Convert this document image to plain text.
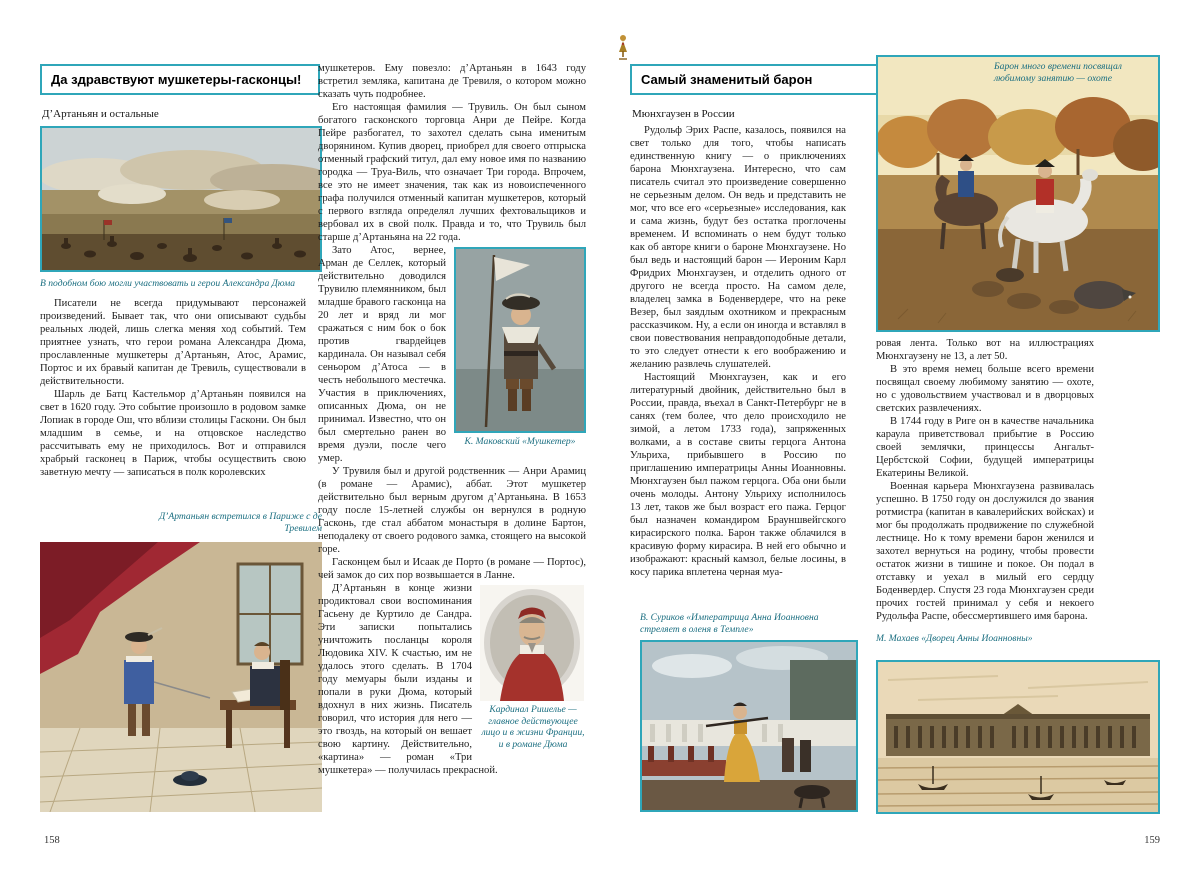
Да здравствуют мушкетеры-гасконцы!
Д’Артаньян и остальные
В подобном бою могли участвовать и герои Александра Дюма

Писатели не всегда придумывают персонажей произведений. Бывает так, что они описывают судьбы реальных людей, лишь слегка меняя ход событий. Тем приятнее узнать, что герои романа Александра Дюма, прославленные мушкетеры д’Артаньян, Атос, Арамис, Портос и их бравый капитан де Тревиль, существовали в действительности.

Шарль де Батц Кастельмор д’Артаньян появился на свет в 1620 году. Это событие произошло в родовом замке Лопиак в городе Ош, что вблизи столицы Гаскони. Он был младшим в семье, и на отцовское наследство рассчитывать ему не приходилось. Вот и отправился храбрый гасконец в Париж, чтобы осуществить свою заветную мечту — записаться в полк королевских

Д’Артаньян встретился в Париже с де Тревилем

мушкетеров. Ему повезло: д’Артаньян в 1643 году встретил земляка, капитана де Тревиля, о котором можно сказать чуть подробнее.

Его настоящая фамилия — Трувиль. Он был сыном богатого гасконского торговца Анри де Пейре. Когда Пейре разбогател, то захотел сделать сына именитым дворянином. Купив дворец, приобрел для своего отпрыска отменный графский титул, дал ему новое имя по названию городка — Труа-Виль, что означает Три города. Впрочем, все это не имеет значения, так как из новоиспеченного графа получился отменный капитан мушкетеров, который с первого взгляда определял лучших фехтовальщиков и вербовал их в свой полк. Правда и то, что Трувиль был старше д’Артаньяна на 22 года.

К. Маковский «Мушкетер»

Зато Атос, вернее, Арман де Селлек, который действительно доводился Трувилю племянником, был младше бравого гасконца на 20 лет и вряд ли мог сражаться с ним бок о бок против гвардейцев кардинала. Он называл себя сеньором д’Атоса — в честь небольшого местечка. Участия в приключениях, описанных Дюма, он не принимал. Известно, что он был смертельно ранен во время дуэли, после чего умер.

У Трувиля был и другой родственник — Анри Арамиц (в романе — Арамис), аббат. Этот мушкетер действительно был верным другом д’Артаньяна. В 1653 году после 15-летней службы он вернулся в родную Гасконь, где стал аббатом монастыря в долине Бартон, неподалеку от своего родового замка, стоящего на высокой горе.

Гасконцем был и Исаак де Порто (в романе — Портос), чей замок до сих пор возвышается в Ланне.

Кардинал Ришелье — главное действующее лицо и в жизни Франции, и в романе Дюма

Д’Артаньян в конце жизни продиктовал свои воспоминания Гасьену де Куртило де Сандра. Эти записки попытались уничтожить посланцы короля Людовика XIV. К счастью, им не удалось этого сделать. В 1704 году мемуары были изданы и попали в руки Дюма, который вдохнул в них жизнь. Писатель говорил, что история для него — это гвоздь, на который он вешает свою картину. Действительно, «картина» — роман «Три мушкетера» — получилась прекрасной.

158
Самый знаменитый барон
Мюнхгаузен в России
Барон много времени посвящал любимому занятию — охоте

Рудольф Эрих Распе, казалось, появился на свет только для того, чтобы написать единственную книгу — о приключениях барона Мюнхгаузена. Интересно, что сам писатель считал это произведение совершенно не серьезным делом. Он ведь и представить не мог, что все его «серьезные» исследования, как и сама жизнь, будут без остатка проглочены временем. И вспоминать о нем будут только как об авторе книги о бароне Мюнхгаузене. Но был ведь и настоящий барон — Иероним Карл Фридрих Мюнхгаузен, и отделить одного от другого не всегда просто. На самом деле, владелец замка в Боденвердере, что на реке Везер, был заядлым охотником и прекрасным рассказчиком. Ну, а если он иногда и вставлял в свои повествования неправдоподобные детали, то это следует отнести к его воображению и желанию развлечь слушателей.

Настоящий Мюнхгаузен, как и его литературный двойник, действительно был в России, правда, въехал в Санкт-Петербург не в санях (тем более, что дело происходило не зимой, а летом 1733 года), запряженных волками, а в составе свиты герцога Антона Ульриха, прибывшего в Россию по приглашению императрицы Анны Иоанновны. Мюнхгаузен был пажом герцога. Оба они были очень молоды. Антону Ульриху исполнилось 13 лет, таков же был возраст его пажа. Герцог был назначен командиром Брауншвейгского кирасирского полка. Барон также облачился в красивую форму кирасира. В ней его обычно и изображают: красный камзол, белые лосины, в косу парика вплетена черная муа-

ровая лента. Только вот на иллюстрациях Мюнхгаузену не 13, а лет 50.

В это время немец больше всего времени посвящал своему любимому занятию — охоте, но с удовольствием участвовал и в дворцовых светских развлечениях.

В 1744 году в Риге он в качестве начальника караула приветствовал прибытие в Россию своей землячки, принцессы Ангальт-Цербстской Софии, будущей императрицы Екатерины Великой.

Военная карьера Мюнхгаузена развивалась успешно. В 1750 году он дослужился до звания ротмистра (капитан в кавалерийских войсках) и мог бы продолжать продвижение по служебной лестнице. Но к тому времени барон женился и захотел вернуться на родину, чтобы провести остаток жизни в тишине и покое. Он подал в отставку и уехал в милый его сердцу Боденвердер. Спустя 23 года Мюнхгаузен среди прочих гостей принимал у себя и некоего Рудольфа Распе, обессмертившего имя барона.

В. Суриков «Императрица Анна Иоанновна стреляет в оленя в Темпле»
М. Махаев «Дворец Анны Иоанновны»
159
